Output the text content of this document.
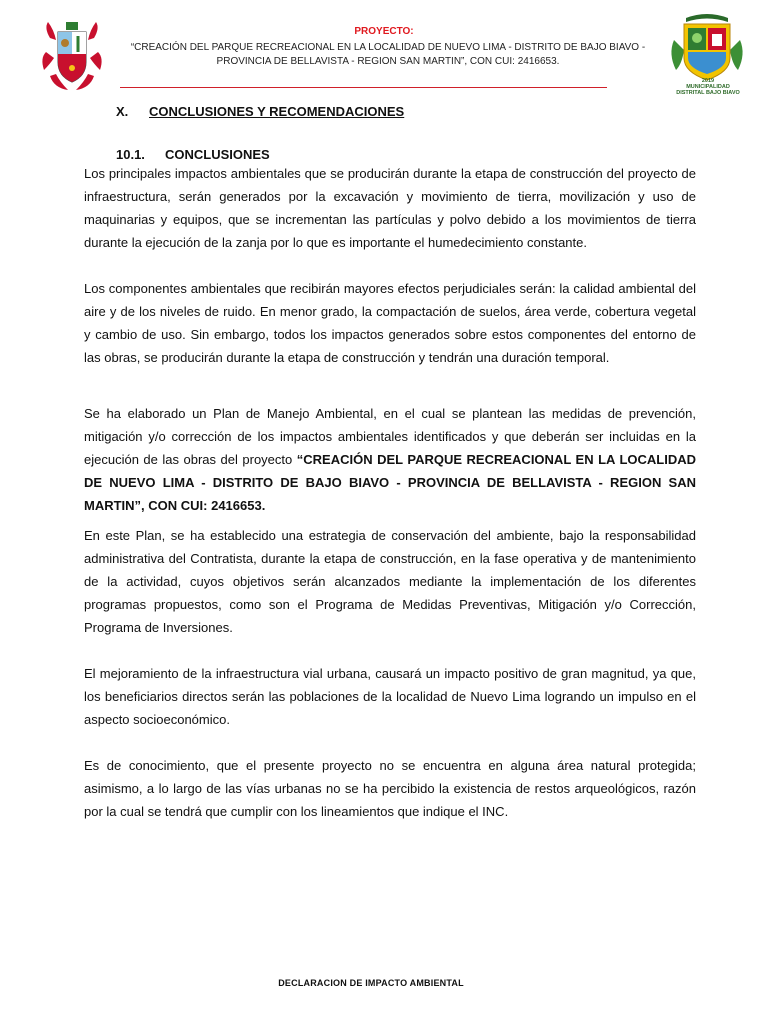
2019
MUNICIPALIDAD
DISTRITAL BAJO BIAVO
PROYECTO:
“CREACIÓN DEL PARQUE RECREACIONAL EN LA LOCALIDAD DE NUEVO LIMA - DISTRITO DE BAJO BIAVO - PROVINCIA DE BELLAVISTA - REGION SAN MARTIN”, CON CUI: 2416653.
X. CONCLUSIONES Y RECOMENDACIONES
10.1. CONCLUSIONES

Los principales impactos ambientales que se producirán durante la etapa de construcción del proyecto de infraestructura, serán generados por la excavación y movimiento de tierra, movilización y uso de maquinarias y equipos, que se incrementan las partículas y polvo debido a los movimientos de tierra durante la ejecución de la zanja por lo que es importante el humedecimiento constante.

Los componentes ambientales que recibirán mayores efectos perjudiciales serán: la calidad ambiental del aire y de los niveles de ruido. En menor grado, la compactación de suelos, área verde, cobertura vegetal y cambio de uso. Sin embargo, todos los impactos generados sobre estos componentes del entorno de las obras, se producirán durante la etapa de construcción y tendrán una duración temporal.

Se ha elaborado un Plan de Manejo Ambiental, en el cual se plantean las medidas de prevención, mitigación y/o corrección de los impactos ambientales identificados y que deberán ser incluidas en la ejecución de las obras del proyecto “CREACIÓN DEL PARQUE RECREACIONAL EN LA LOCALIDAD DE NUEVO LIMA - DISTRITO DE BAJO BIAVO - PROVINCIA DE BELLAVISTA - REGION SAN MARTIN”, CON CUI: 2416653.

En este Plan, se ha establecido una estrategia de conservación del ambiente, bajo la responsabilidad administrativa del Contratista, durante la etapa de construcción, en la fase operativa y de mantenimiento de la actividad, cuyos objetivos serán alcanzados mediante la implementación de los diferentes programas propuestos, como son el Programa de Medidas Preventivas, Mitigación y/o Corrección, Programa de Inversiones.

El mejoramiento de la infraestructura vial urbana, causará un impacto positivo de gran magnitud, ya que, los beneficiarios directos serán las poblaciones de la localidad de Nuevo Lima logrando un impulso en el aspecto socioeconómico.

Es de conocimiento, que el presente proyecto no se encuentra en alguna área natural protegida; asimismo, a lo largo de las vías urbanas no se ha percibido la existencia de restos arqueológicos, razón por la cual se tendrá que cumplir con los lineamientos que indique el INC.

DECLARACION DE IMPACTO AMBIENTAL
